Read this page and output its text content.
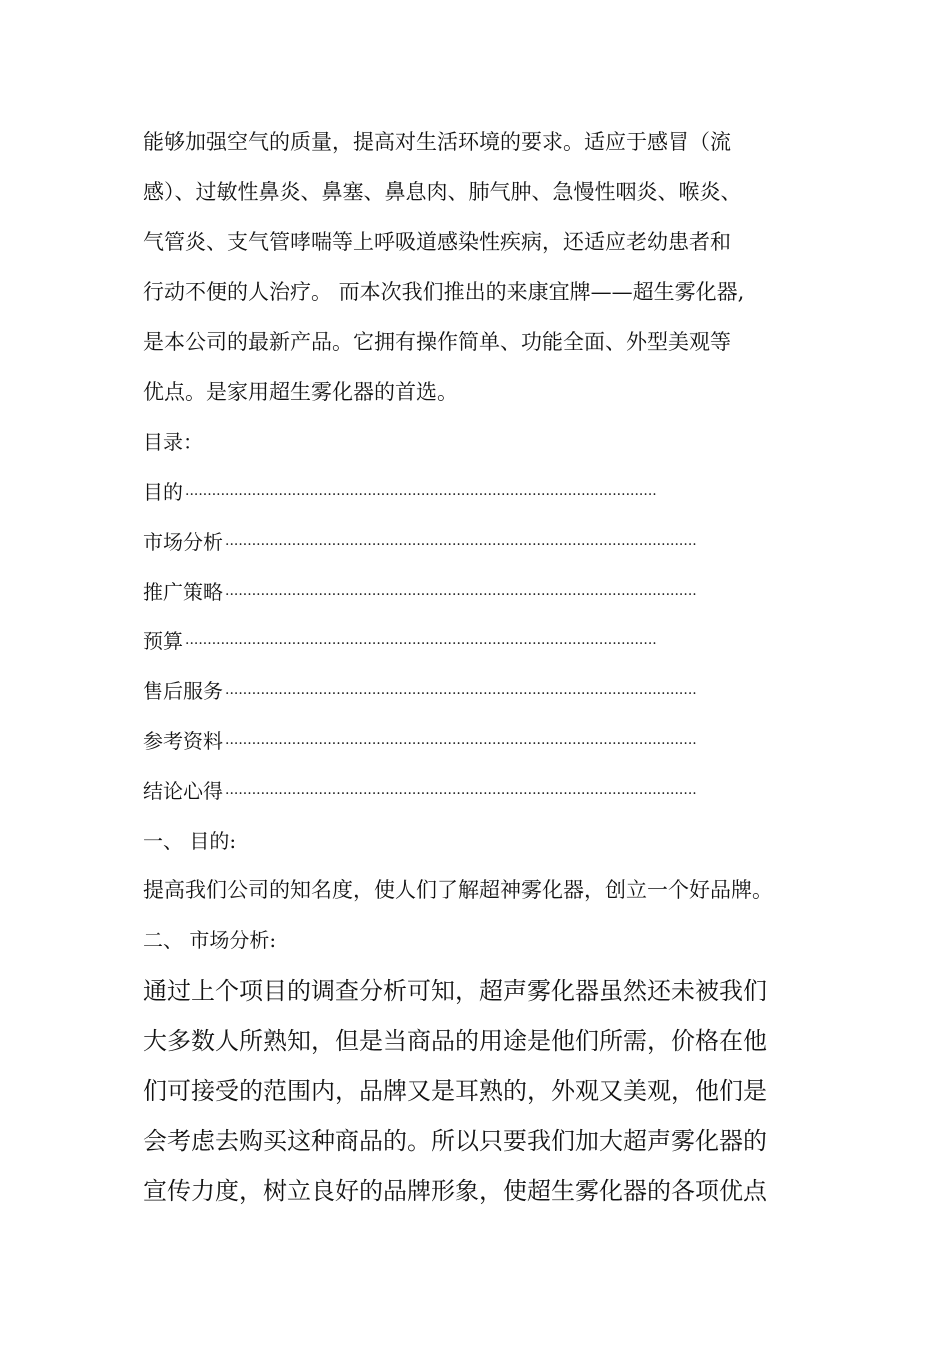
能够加强空气的质量，提高对生活环境的要求。适应于感冒（流
感）、过敏性鼻炎、鼻塞、鼻息肉、肺气肿、急慢性咽炎、喉炎、
气管炎、支气管哮喘等上呼吸道感染性疾病，还适应老幼患者和
行动不便的人治疗。 而本次我们推出的来康宜牌——超生雾化器,
是本公司的最新产品。它拥有操作简单、功能全面、外型美观等
优点。是家用超生雾化器的首选。
目录：
目的 ··········································································································
市场分析 ··········································································································
推广策略 ··········································································································
预算 ··········································································································
售后服务 ··········································································································
参考资料 ··········································································································
结论心得 ··········································································································
一、 目的:
提高我们公司的知名度，使人们了解超神雾化器，创立一个好品牌。
二、 市场分析:
通过上个项目的调查分析可知，超声雾化器虽然还未被我们
大多数人所熟知，但是当商品的用途是他们所需，价格在他
们可接受的范围内，品牌又是耳熟的，外观又美观，他们是
会考虑去购买这种商品的。所以只要我们加大超声雾化器的
宣传力度，树立良好的品牌形象，使超生雾化器的各项优点
